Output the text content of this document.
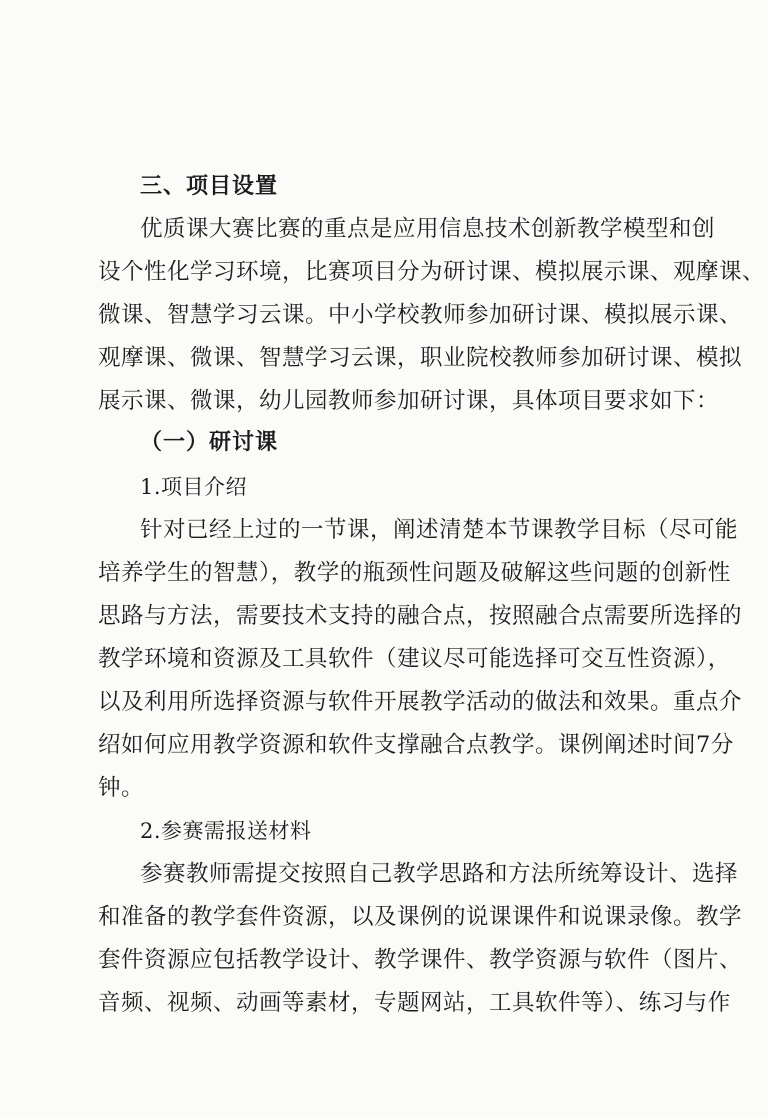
三、项目设置
优质课大赛比赛的重点是应用信息技术创新教学模型和创
设个性化学习环境，比赛项目分为研讨课、模拟展示课、观摩课、
微课、智慧学习云课。中小学校教师参加研讨课、模拟展示课、
观摩课、微课、智慧学习云课，职业院校教师参加研讨课、模拟
展示课、微课，幼儿园教师参加研讨课，具体项目要求如下：
（一）研讨课
1.项目介绍
针对已经上过的一节课，阐述清楚本节课教学目标（尽可能
培养学生的智慧），教学的瓶颈性问题及破解这些问题的创新性
思路与方法，需要技术支持的融合点，按照融合点需要所选择的
教学环境和资源及工具软件（建议尽可能选择可交互性资源），
以及利用所选择资源与软件开展教学活动的做法和效果。重点介
绍如何应用教学资源和软件支撑融合点教学。课例阐述时间7分
钟。
2.参赛需报送材料
参赛教师需提交按照自己教学思路和方法所统筹设计、选择
和准备的教学套件资源，以及课例的说课课件和说课录像。教学
套件资源应包括教学设计、教学课件、教学资源与软件（图片、
音频、视频、动画等素材，专题网站，工具软件等）、练习与作
